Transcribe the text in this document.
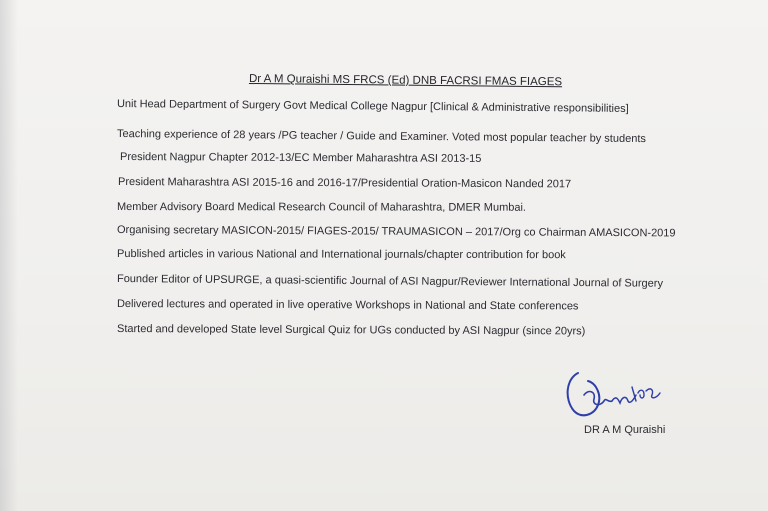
Dr A M Quraishi MS FRCS (Ed) DNB FACRSI FMAS FIAGES
Unit Head Department of Surgery Govt Medical College Nagpur [Clinical & Administrative responsibilities]
Teaching experience of 28 years /PG teacher / Guide and Examiner. Voted most popular teacher by students
President Nagpur Chapter 2012-13/EC Member Maharashtra ASI 2013-15
President Maharashtra ASI 2015-16 and 2016-17/Presidential Oration-Masicon Nanded 2017
Member Advisory Board Medical Research Council of Maharashtra, DMER Mumbai.
Organising secretary MASICON-2015/ FIAGES-2015/ TRAUMASICON – 2017/Org co Chairman AMASICON-2019
Published articles in various National and International journals/chapter contribution for book
Founder Editor of UPSURGE, a quasi-scientific Journal of ASI Nagpur/Reviewer International Journal of Surgery
Delivered lectures and operated in live operative Workshops in National and State conferences
Started and developed State level Surgical Quiz for UGs conducted by ASI Nagpur (since 20yrs)
DR A M Quraishi
